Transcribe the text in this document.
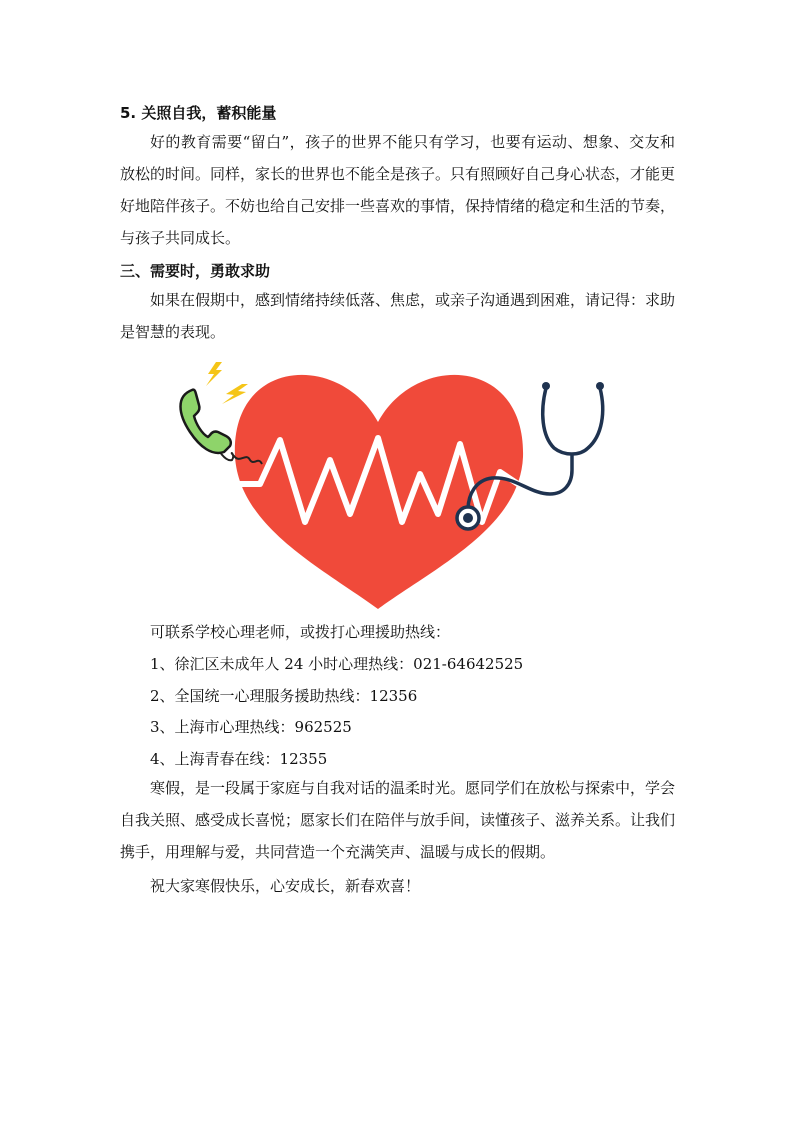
5. 关照自我，蓄积能量

好的教育需要“留白”，孩子的世界不能只有学习，也要有运动、想象、交友和放松的时间。同样，家长的世界也不能全是孩子。只有照顾好自己身心状态，才能更好地陪伴孩子。不妨也给自己安排一些喜欢的事情，保持情绪的稳定和生活的节奏，与孩子共同成长。

三、需要时，勇敢求助

如果在假期中，感到情绪持续低落、焦虑，或亲子沟通遇到困难，请记得：求助是智慧的表现。

可联系学校心理老师，或拨打心理援助热线：
1、徐汇区未成年人 24 小时心理热线：021-64642525
2、全国统一心理服务援助热线：12356
3、上海市心理热线：962525
4、上海青春在线：12355

寒假，是一段属于家庭与自我对话的温柔时光。愿同学们在放松与探索中，学会自我关照、感受成长喜悦；愿家长们在陪伴与放手间，读懂孩子、滋养关系。让我们携手，用理解与爱，共同营造一个充满笑声、温暖与成长的假期。

祝大家寒假快乐，心安成长，新春欢喜！
